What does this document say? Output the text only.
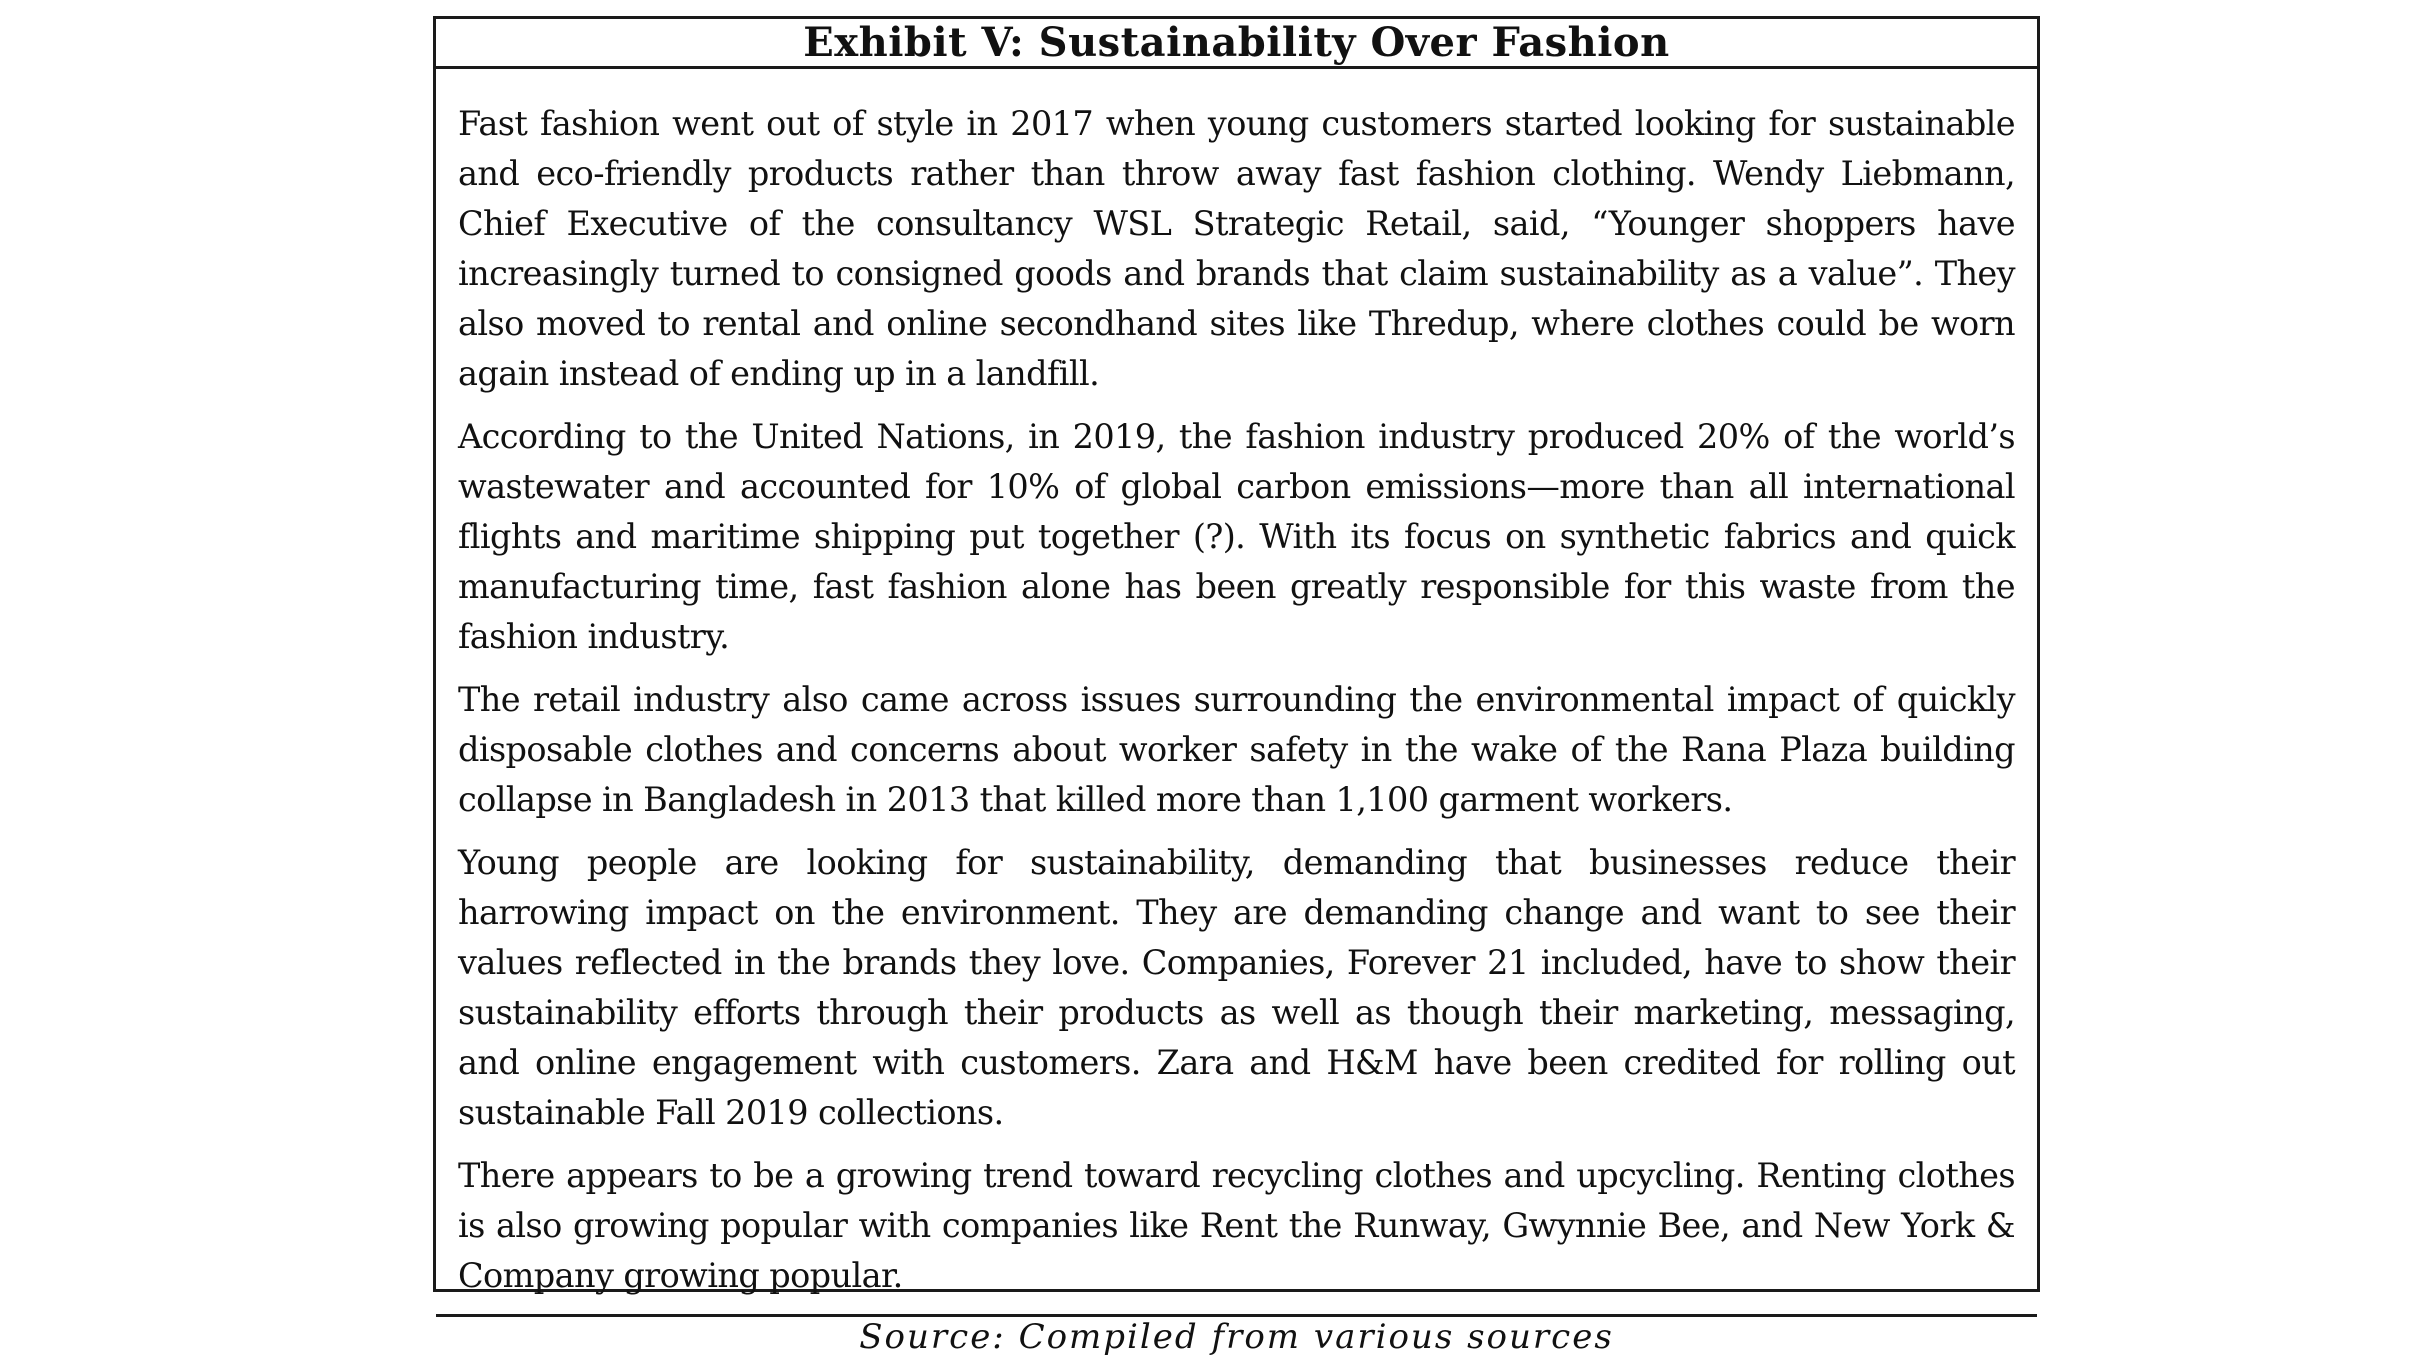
Exhibit V: Sustainability Over Fashion

Fast fashion went out of style in 2017 when young customers started looking for sustainable and eco-friendly products rather than throw away fast fashion clothing. Wendy Liebmann, Chief Executive of the consultancy WSL Strategic Retail, said, “Younger shoppers have increasingly turned to consigned goods and brands that claim sustainability as a value”. They also moved to rental and online secondhand sites like Thredup, where clothes could be worn again instead of ending up in a landfill.

According to the United Nations, in 2019, the fashion industry produced 20% of the world’s wastewater and accounted for 10% of global carbon emissions—more than all international flights and maritime shipping put together (?). With its focus on synthetic fabrics and quick manufacturing time, fast fashion alone has been greatly responsible for this waste from the fashion industry.

The retail industry also came across issues surrounding the environmental impact of quickly disposable clothes and concerns about worker safety in the wake of the Rana Plaza building collapse in Bangladesh in 2013 that killed more than 1,100 garment workers.

Young people are looking for sustainability, demanding that businesses reduce their harrowing impact on the environment. They are demanding change and want to see their values reflected in the brands they love. Companies, Forever 21 included, have to show their sustainability efforts through their products as well as though their marketing, messaging, and online engagement with customers. Zara and H&M have been credited for rolling out sustainable Fall 2019 collections.

There appears to be a growing trend toward recycling clothes and upcycling. Renting clothes is also growing popular with companies like Rent the Runway, Gwynnie Bee, and New York & Company growing popular.

Source: Compiled from various sources
